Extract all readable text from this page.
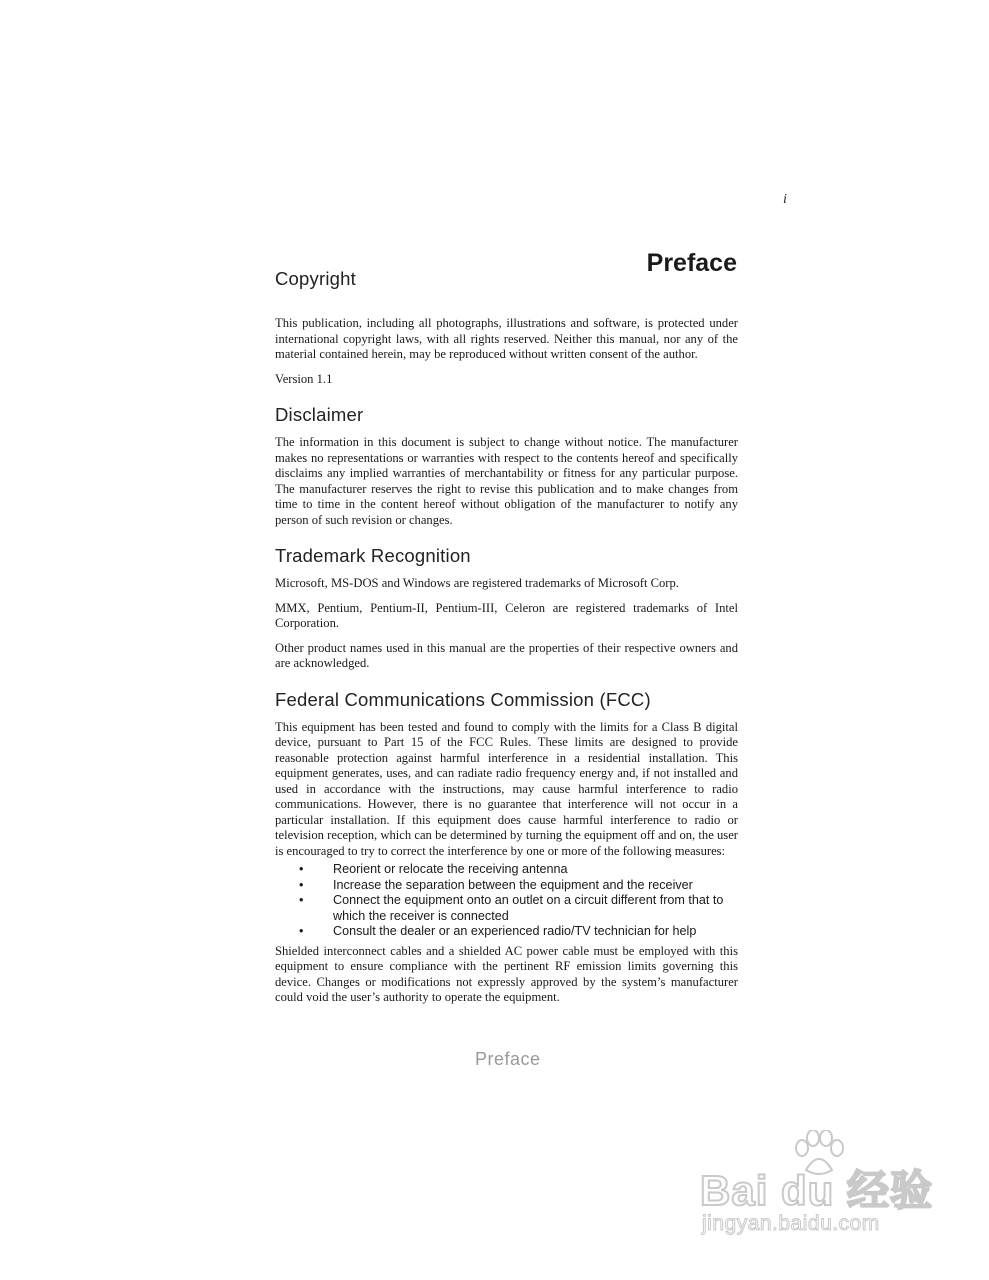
i
Preface
Copyright

This publication, including all photographs, illustrations and software, is protected under international copyright laws, with all rights reserved. Neither this manual, nor any of the material contained herein, may be reproduced without written consent of the author.

Version 1.1

Disclaimer

The information in this document is subject to change without notice. The manufacturer makes no representations or warranties with respect to the contents hereof and specifically disclaims any implied warranties of merchantability or fitness for any particular purpose. The manufacturer reserves the right to revise this publication and to make changes from time to time in the content hereof without obligation of the manufacturer to notify any person of such revision or changes.

Trademark Recognition

Microsoft, MS-DOS and Windows are registered trademarks of Microsoft Corp.

MMX, Pentium, Pentium-II, Pentium-III, Celeron are registered trademarks of Intel Corporation.

Other product names used in this manual are the properties of their respective owners and are acknowledged.

Federal Communications Commission (FCC)

This equipment has been tested and found to comply with the limits for a Class B digital device, pursuant to Part 15 of the FCC Rules. These limits are designed to provide reasonable protection against harmful interference in a residential installation. This equipment generates, uses, and can radiate radio frequency energy and, if not installed and used in accordance with the instructions, may cause harmful interference to radio communications. However, there is no guarantee that interference will not occur in a particular installation. If this equipment does cause harmful interference to radio or television reception, which can be determined by turning the equipment off and on, the user is encouraged to try to correct the interference by one or more of the following measures:

• Reorient or relocate the receiving antenna
• Increase the separation between the equipment and the receiver
• Connect the equipment onto an outlet on a circuit different from that to which the receiver is connected
• Consult the dealer or an experienced radio/TV technician for help

Shielded interconnect cables and a shielded AC power cable must be employed with this equipment to ensure compliance with the pertinent RF emission limits governing this device. Changes or modifications not expressly approved by the system’s manufacturer could void the user’s authority to operate the equipment.

Preface
Bai du 经验
jingyan.baidu.com
